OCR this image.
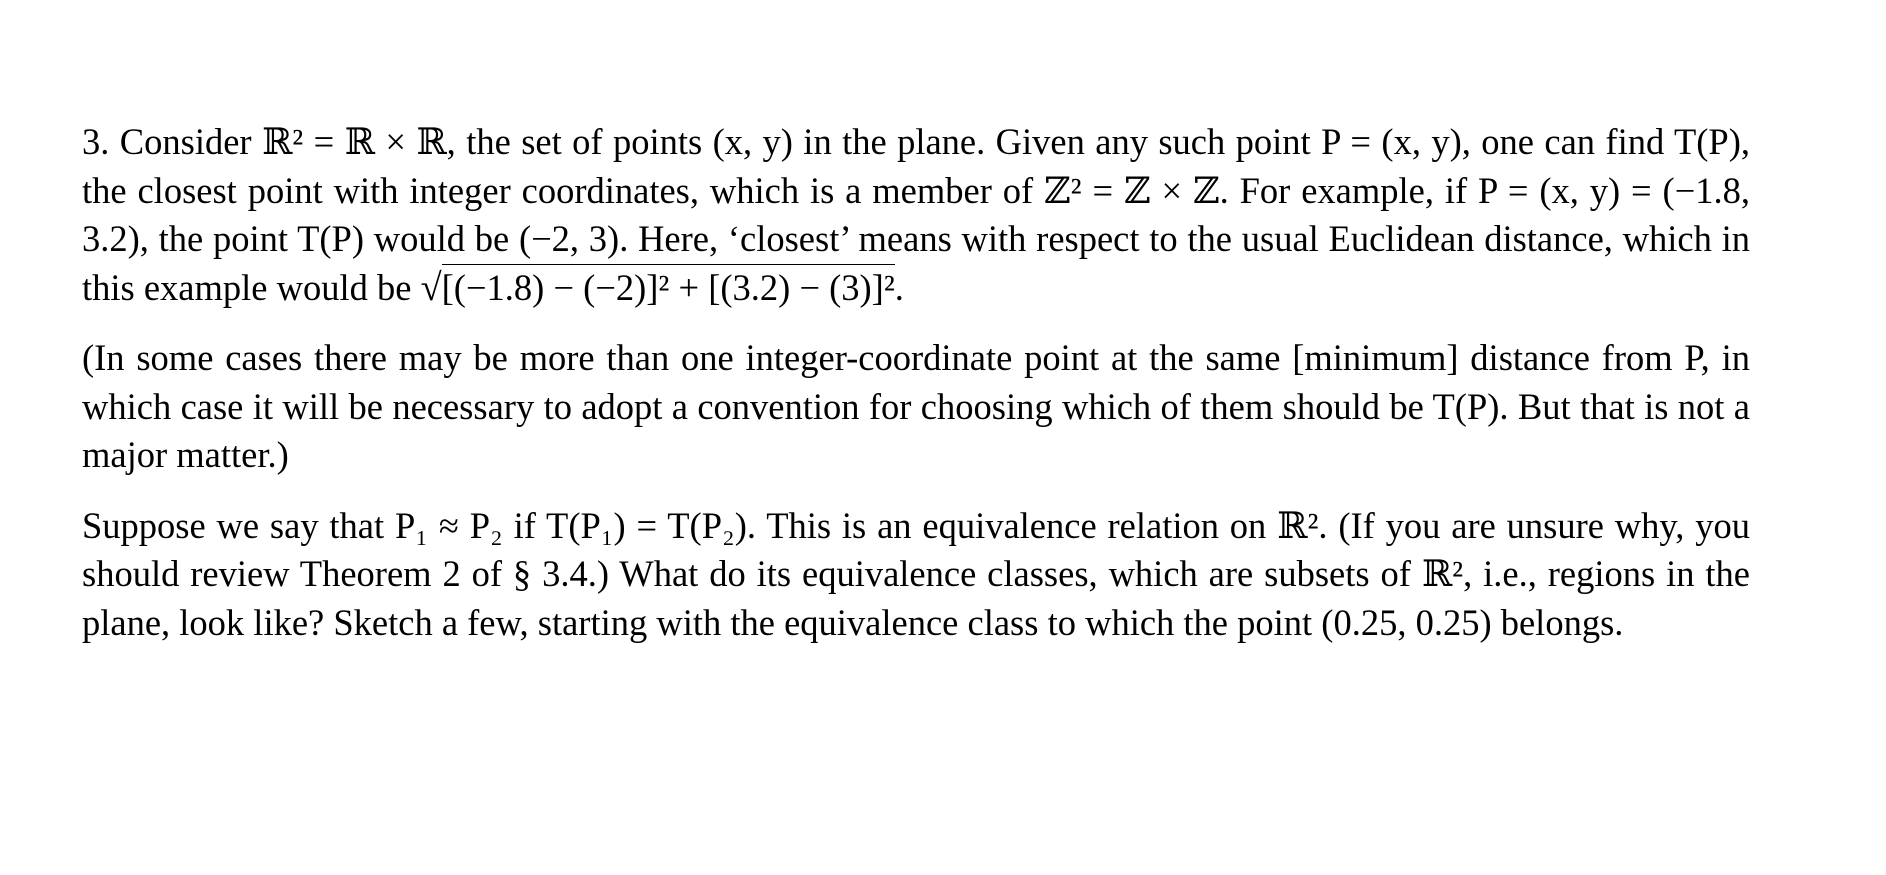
3. Consider ℝ² = ℝ × ℝ, the set of points (x, y) in the plane. Given any such point P = (x, y), one can find T(P), the closest point with integer coordinates, which is a member of ℤ² = ℤ × ℤ. For example, if P = (x, y) = (−1.8, 3.2), the point T(P) would be (−2, 3). Here, ‘closest’ means with respect to the usual Euclidean distance, which in this example would be √[(−1.8) − (−2)]² + [(3.2) − (3)]².

(In some cases there may be more than one integer-coordinate point at the same [minimum] distance from P, in which case it will be necessary to adopt a convention for choosing which of them should be T(P). But that is not a major matter.)

Suppose we say that P₁ ≈ P₂ if T(P₁) = T(P₂). This is an equivalence relation on ℝ². (If you are unsure why, you should review Theorem 2 of § 3.4.) What do its equivalence classes, which are subsets of ℝ², i.e., regions in the plane, look like? Sketch a few, starting with the equivalence class to which the point (0.25, 0.25) belongs.
